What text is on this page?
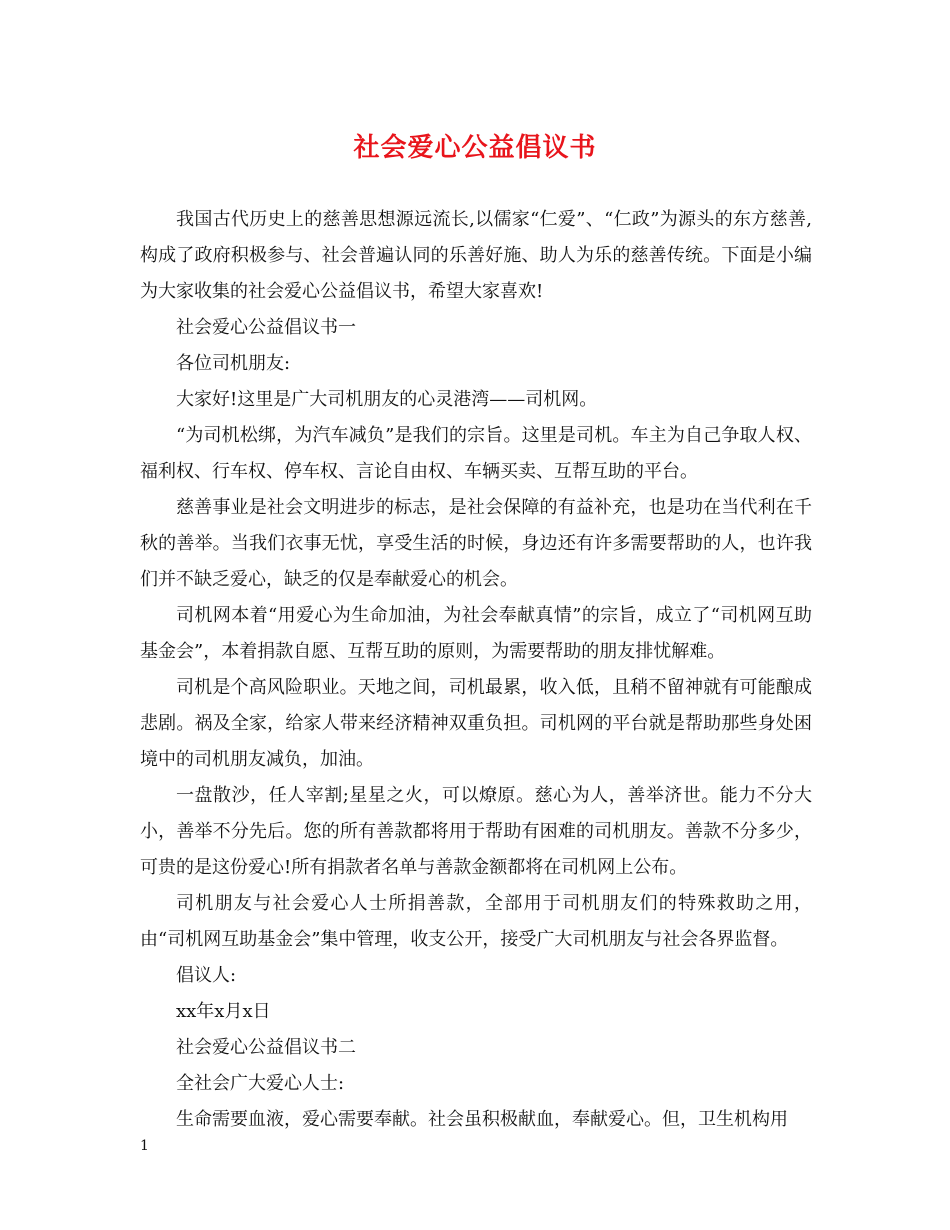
社会爱心公益倡议书

我国古代历史上的慈善思想源远流长,以儒家“仁爱”、“仁政”为源头的东方慈善,构成了政府积极参与、社会普遍认同的乐善好施、助人为乐的慈善传统。下面是小编为大家收集的社会爱心公益倡议书，希望大家喜欢!

社会爱心公益倡议书一

各位司机朋友:

大家好!这里是广大司机朋友的心灵港湾——司机网。

“为司机松绑，为汽车减负”是我们的宗旨。这里是司机。车主为自己争取人权、福利权、行车权、停车权、言论自由权、车辆买卖、互帮互助的平台。

慈善事业是社会文明进步的标志，是社会保障的有益补充，也是功在当代利在千秋的善举。当我们衣事无忧，享受生活的时候，身边还有许多需要帮助的人，也许我们并不缺乏爱心，缺乏的仅是奉献爱心的机会。

司机网本着“用爱心为生命加油，为社会奉献真情”的宗旨，成立了“司机网互助基金会”，本着捐款自愿、互帮互助的原则，为需要帮助的朋友排忧解难。

司机是个高风险职业。天地之间，司机最累，收入低，且稍不留神就有可能酿成悲剧。祸及全家，给家人带来经济精神双重负担。司机网的平台就是帮助那些身处困境中的司机朋友减负，加油。

一盘散沙，任人宰割;星星之火，可以燎原。慈心为人，善举济世。能力不分大小，善举不分先后。您的所有善款都将用于帮助有困难的司机朋友。善款不分多少，可贵的是这份爱心!所有捐款者名单与善款金额都将在司机网上公布。

司机朋友与社会爱心人士所捐善款，全部用于司机朋友们的特殊救助之用，由“司机网互助基金会”集中管理，收支公开，接受广大司机朋友与社会各界监督。

倡议人:

xx年x月x日

社会爱心公益倡议书二

全社会广大爱心人士:

生命需要血液，爱心需要奉献。社会虽积极献血，奉献爱心。但，卫生机构用

1
